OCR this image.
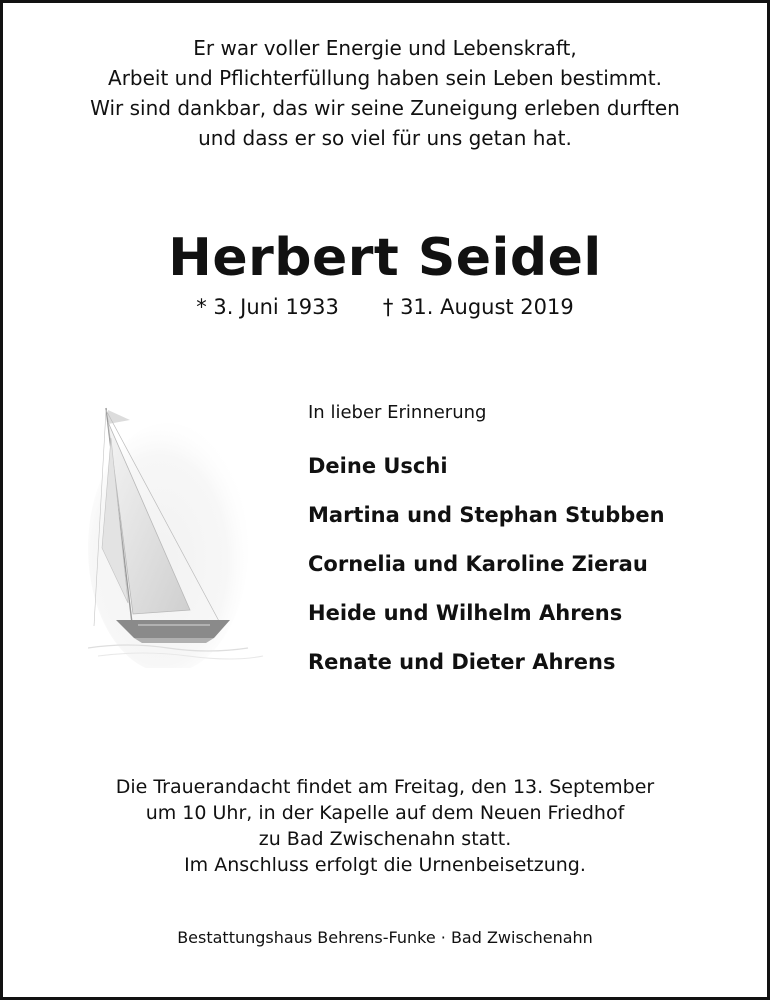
Er war voller Energie und Lebenskraft,
Arbeit und Pflichterfüllung haben sein Leben bestimmt.
Wir sind dankbar, das wir seine Zuneigung erleben durften
und dass er so viel für uns getan hat.
Herbert Seidel
* 3. Juni 1933 † 31. August 2019
In lieber Erinnerung
Deine Uschi
Martina und Stephan Stubben
Cornelia und Karoline Zierau
Heide und Wilhelm Ahrens
Renate und Dieter Ahrens
Die Trauerandacht findet am Freitag, den 13. September
um 10 Uhr, in der Kapelle auf dem Neuen Friedhof
zu Bad Zwischenahn statt.
Im Anschluss erfolgt die Urnenbeisetzung.
Bestattungshaus Behrens-Funke · Bad Zwischenahn
